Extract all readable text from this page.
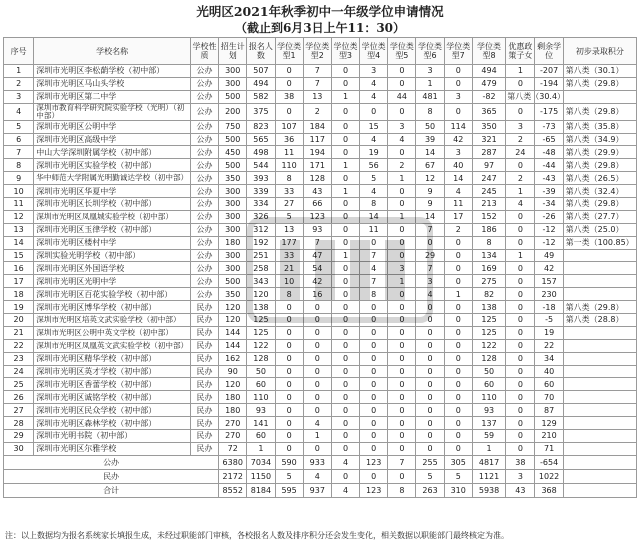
光明区2021年秋季初中一年级学位申请情况
（截止到6月3日上午11：30）
序号	学校名称	学校性质	招生计划	报名人数	学位类型1	学位类型2	学位类型3	学位类型4	学位类型5	学位类型6	学位类型7	学位类型8	优惠政策子女	剩余学位	初步录取积分
1	深圳市光明区李松蓢学校（初中部）	公办	300	507	0	7	0	3	0	3	0	494	1	-207	第八类（30.1）
2	深圳市光明区马山头学校	公办	300	494	0	7	0	4	0	1	0	479	0	-194	第八类（29.8）
3	深圳市光明区第二中学	公办	500	582	38	13	1	4	44	481	3	-82	第八类（30.4）		
4	深圳市教育科学研究院实验学校（光明）（初中部）	公办	200	375	0	2	0	0	0	8	0	365	0	-175	第八类（29.8）
5	深圳市光明区公明中学	公办	750	823	107	184	0	15	3	50	114	350	3	-73	第八类（35.8）
6	深圳市光明区高级中学	公办	500	565	36	117	0	4	4	39	42	321	2	-65	第八类（34.9）
7	中山大学深圳附属学校（初中部）	公办	450	498	11	194	0	19	0	14	3	287	24	-48	第八类（29.9）
8	深圳市光明区实验学校（初中部）	公办	500	544	110	171	1	56	2	67	40	97	0	-44	第八类（29.8）
9	华中师范大学附属光明勤诚达学校（初中部）	公办	350	393	8	128	0	5	1	12	14	247	2	-43	第八类（26.5）
10	深圳市光明区华夏中学	公办	300	339	33	43	1	4	0	9	4	245	1	-39	第八类（32.4）
11	深圳市光明区长圳学校（初中部）	公办	300	334	27	66	0	8	0	9	11	213	4	-34	第八类（29.8）
12	深圳市光明区凤凰城实验学校（初中部）	公办	300	326	5	123	0	14	1	14	17	152	0	-26	第八类（27.7）
13	深圳市光明区玉律学校（初中部）	公办	300	312	13	93	0	11	0	7	2	186	0	-12	第八类（25.0）
14	深圳市光明区楼村中学	公办	180	192	177	7	0	0	0	0	0	8	0	-12	第一类（100.85）
15	深圳实验光明学校（初中部）	公办	300	251	33	47	1	7	0	29	0	134	1	49	
16	深圳市光明区外国语学校	公办	300	258	21	54	0	4	3	7	0	169	0	42	
17	深圳市光明区光明中学	公办	500	343	10	42	0	7	1	3	0	275	0	157	
18	深圳市光明区百花实验学校（初中部）	公办	350	120	8	16	0	8	0	4	1	82	0	230	
19	深圳市光明区博华学校（初中部）	民办	120	138	0	0	0	0	0	0	0	138	0	-18	第八类（29.8）
20	深圳市光明区培英文武实验学校（初中部）	民办	120	125	0	0	0	0	0	0	0	125	0	-5	第八类（28.8）
21	深圳市光明区公明中英文学校（初中部）	民办	144	125	0	0	0	0	0	0	0	125	0	19	
22	深圳市光明区凤凰英文武实验学校（初中部）	民办	144	122	0	0	0	0	0	0	0	122	0	22	
23	深圳市光明区精华学校（初中部）	民办	162	128	0	0	0	0	0	0	0	128	0	34	
24	深圳市光明区英才学校（初中部）	民办	90	50	0	0	0	0	0	0	0	50	0	40	
25	深圳市光明区香蕾学校（初中部）	民办	120	60	0	0	0	0	0	0	0	60	0	60	
26	深圳市光明区诚铭学校（初中部）	民办	180	110	0	0	0	0	0	0	0	110	0	70	
27	深圳市光明区民众学校（初中部）	民办	180	93	0	0	0	0	0	0	0	93	0	87	
28	深圳市光明区森林学校（初中部）	民办	270	141	0	4	0	0	0	0	0	137	0	129	
29	深圳市光明书院（初中部）	民办	270	60	0	1	0	0	0	0	0	59	0	210	
30	深圳市光明区尔雅学校	民办	72	1	0	0	0	0	0	0	0	1	0	71	
公办			6380	7034	590	933	4	123	7	255	305	4817	38	-654	
民办			2172	1150	5	4	0	0	0	5	5	1121	3	1022	
合计			8552	8184	595	937	4	123	8	263	310	5938	43	368	
注：以上数据均为报名系统家长填报生成，未经过职能部门审核，各校报名人数及排序积分还会发生变化，相关数据以职能部门最终核定为准。
